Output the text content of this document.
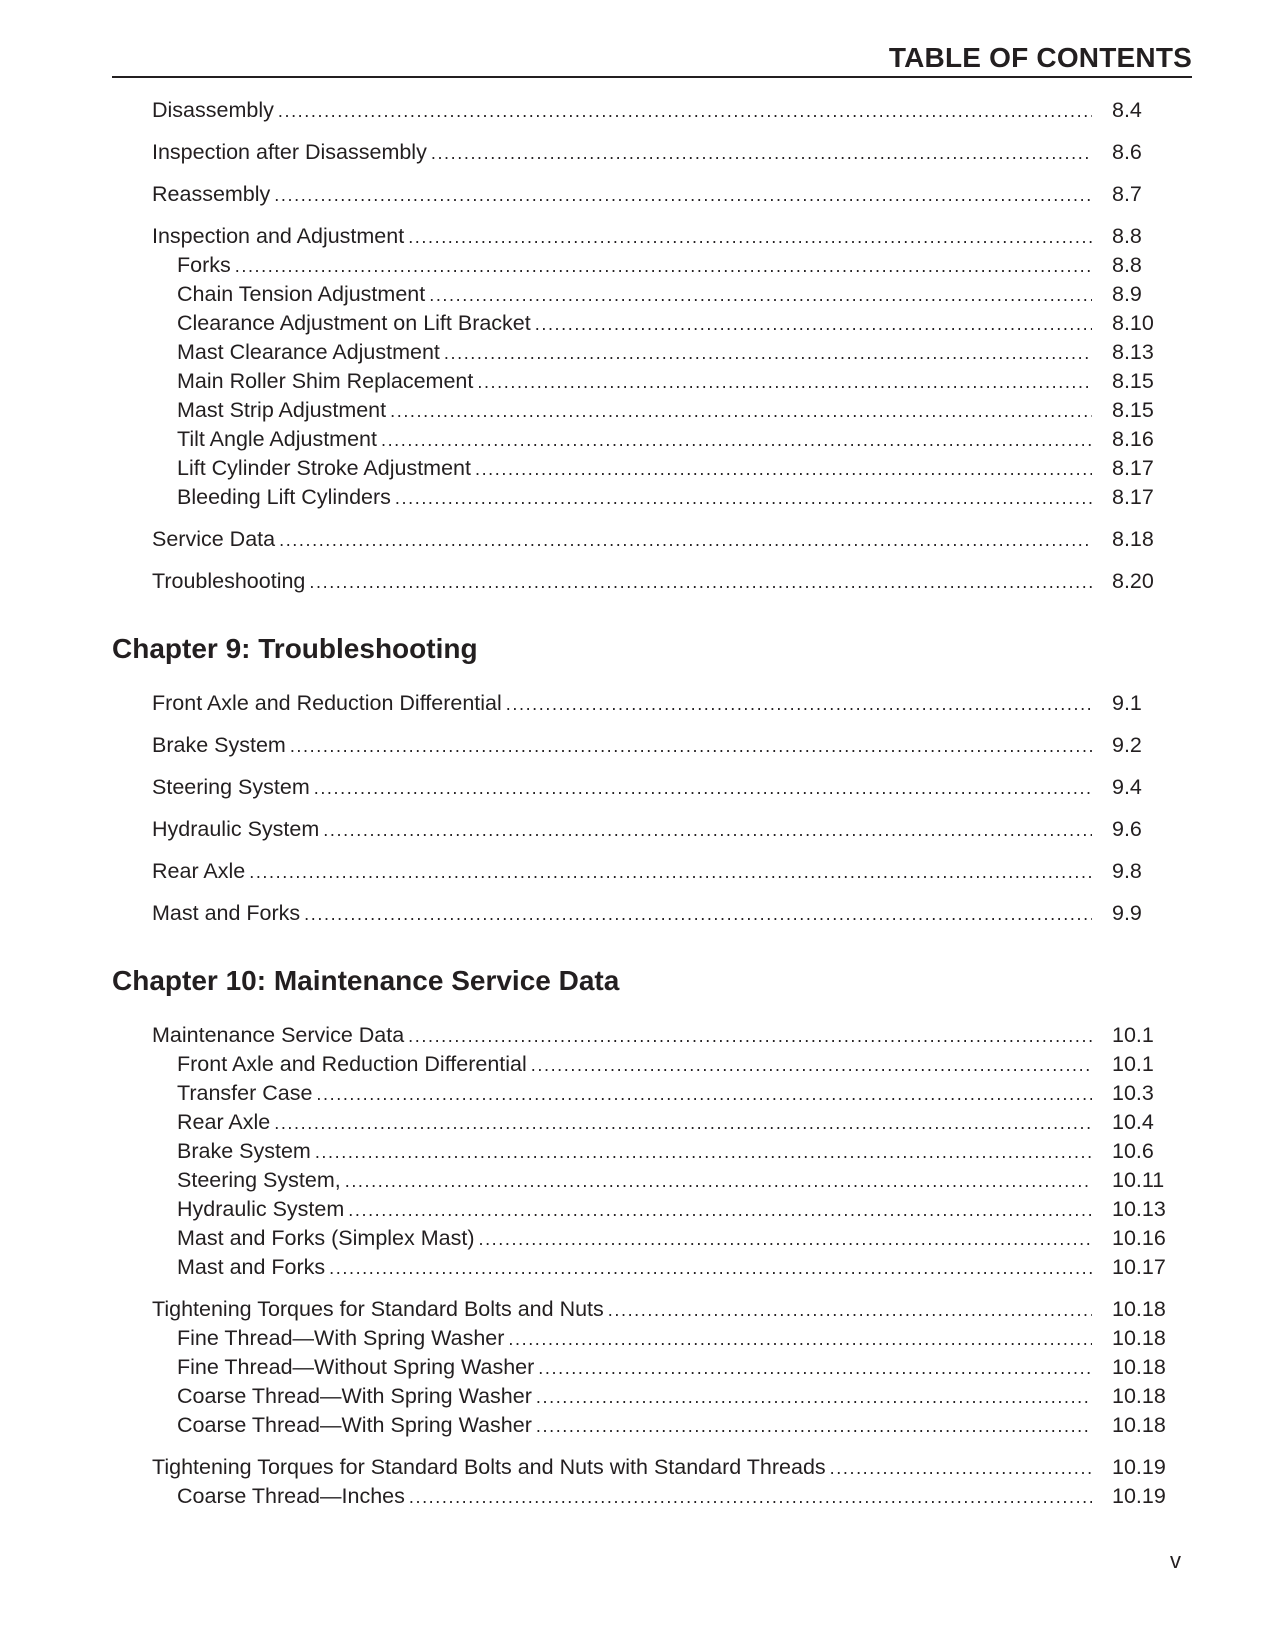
TABLE OF CONTENTS
Disassembly .....	8.4
Inspection after Disassembly .....	8.6
Reassembly .....	8.7
Inspection and Adjustment .....	8.8
Forks .....	8.8
Chain Tension Adjustment .....	8.9
Clearance Adjustment on Lift Bracket .....	8.10
Mast Clearance Adjustment .....	8.13
Main Roller Shim Replacement .....	8.15
Mast Strip Adjustment .....	8.15
Tilt Angle Adjustment .....	8.16
Lift Cylinder Stroke Adjustment .....	8.17
Bleeding Lift Cylinders .....	8.17
Service Data .....	8.18
Troubleshooting .....	8.20
Chapter 9: Troubleshooting
Front Axle and Reduction Differential .....	9.1
Brake System .....	9.2
Steering System .....	9.4
Hydraulic System .....	9.6
Rear Axle .....	9.8
Mast and Forks .....	9.9
Chapter 10: Maintenance Service Data
Maintenance Service Data .....	10.1
Front Axle and Reduction Differential .....	10.1
Transfer Case .....	10.3
Rear Axle .....	10.4
Brake System .....	10.6
Steering System, .....	10.11
Hydraulic System .....	10.13
Mast and Forks (Simplex Mast) .....	10.16
Mast and Forks .....	10.17
Tightening Torques for Standard Bolts and Nuts .....	10.18
Fine Thread—With Spring Washer .....	10.18
Fine Thread—Without Spring Washer .....	10.18
Coarse Thread—With Spring Washer .....	10.18
Coarse Thread—With Spring Washer .....	10.18
Tightening Torques for Standard Bolts and Nuts with Standard Threads .....	10.19
Coarse Thread—Inches .....	10.19
v
